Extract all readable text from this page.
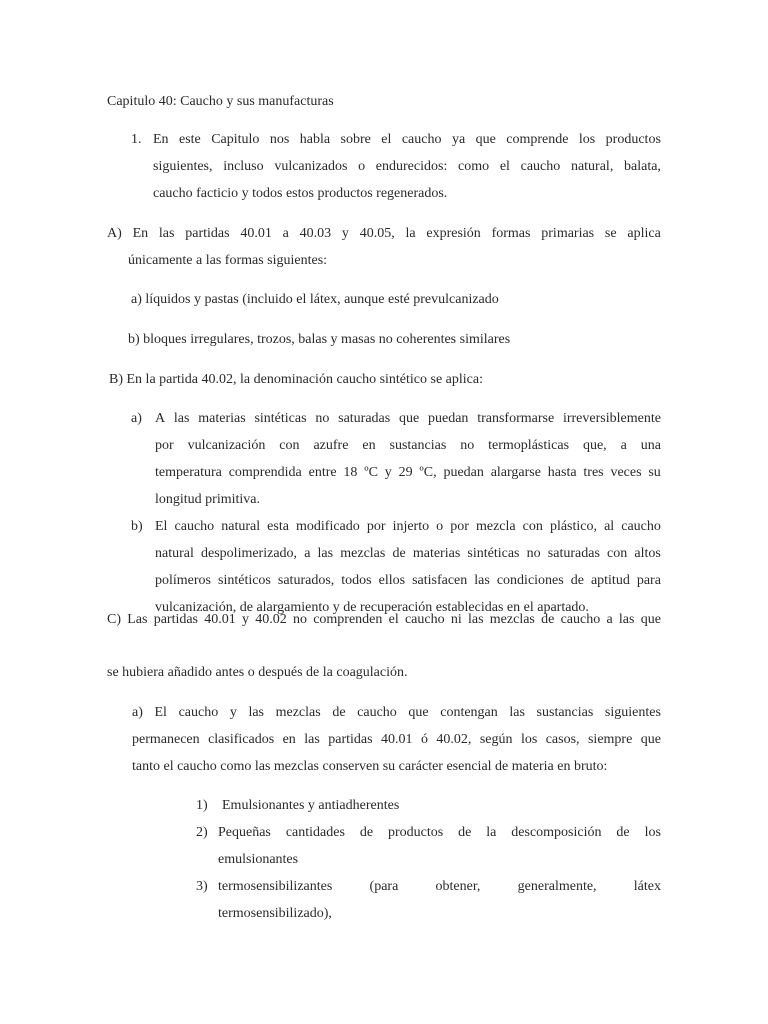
Capitulo 40: Caucho y sus manufacturas
1. En este Capitulo nos habla sobre el caucho ya que comprende los productos
siguientes, incluso vulcanizados o endurecidos: como el caucho natural, balata,
caucho facticio y todos estos productos regenerados.
A) En las partidas 40.01 a 40.03 y 40.05, la expresión formas primarias se aplica
únicamente a las formas siguientes:
a) líquidos y pastas (incluido el látex, aunque esté prevulcanizado
b) bloques irregulares, trozos, balas y masas no coherentes similares
B) En la partida 40.02, la denominación caucho sintético se aplica:
a) A las materias sintéticas no saturadas que puedan transformarse irreversiblemente
por vulcanización con azufre en sustancias no termoplásticas que, a una
temperatura comprendida entre 18 ºC y 29 ºC, puedan alargarse hasta tres veces su
longitud primitiva.
b) El caucho natural esta modificado por injerto o por mezcla con plástico, al caucho
natural despolimerizado, a las mezclas de materias sintéticas no saturadas con altos
polímeros sintéticos saturados, todos ellos satisfacen las condiciones de aptitud para
vulcanización, de alargamiento y de recuperación establecidas en el apartado.
C) Las partidas 40.01 y 40.02 no comprenden el caucho ni las mezclas de caucho a las que
se hubiera añadido antes o después de la coagulación.
a) El caucho y las mezclas de caucho que contengan las sustancias siguientes
permanecen clasificados en las partidas 40.01 ó 40.02, según los casos, siempre que
tanto el caucho como las mezclas conserven su carácter esencial de materia en bruto:
1) Emulsionantes y antiadherentes
2) Pequeñas cantidades de productos de la descomposición de los
emulsionantes
3) termosensibilizantes	(para	obtener,	generalmente,	látex
termosensibilizado),
